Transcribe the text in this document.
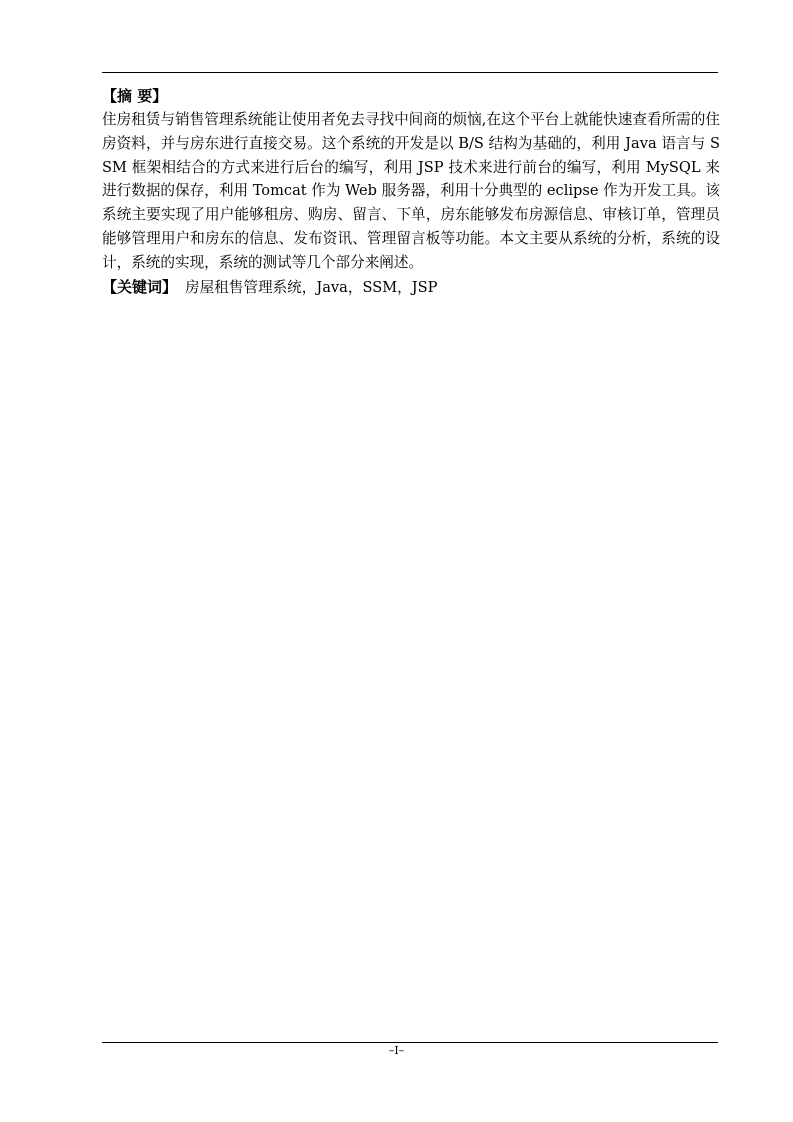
【摘 要】

住房租赁与销售管理系统能让使用者免去寻找中间商的烦恼,在这个平台上就能快速查看所需的住房资料，并与房东进行直接交易。这个系统的开发是以 B/S 结构为基础的，利用 Java 语言与 SSM 框架相结合的方式来进行后台的编写，利用 JSP 技术来进行前台的编写，利用 MySQL 来进行数据的保存，利用 Tomcat 作为 Web 服务器，利用十分典型的 eclipse 作为开发工具。该系统主要实现了用户能够租房、购房、留言、下单，房东能够发布房源信息、审核订单，管理员能够管理用户和房东的信息、发布资讯、管理留言板等功能。本文主要从系统的分析，系统的设计，系统的实现，系统的测试等几个部分来阐述。

【关键词】 房屋租售管理系统，Java，SSM，JSP

–I–
